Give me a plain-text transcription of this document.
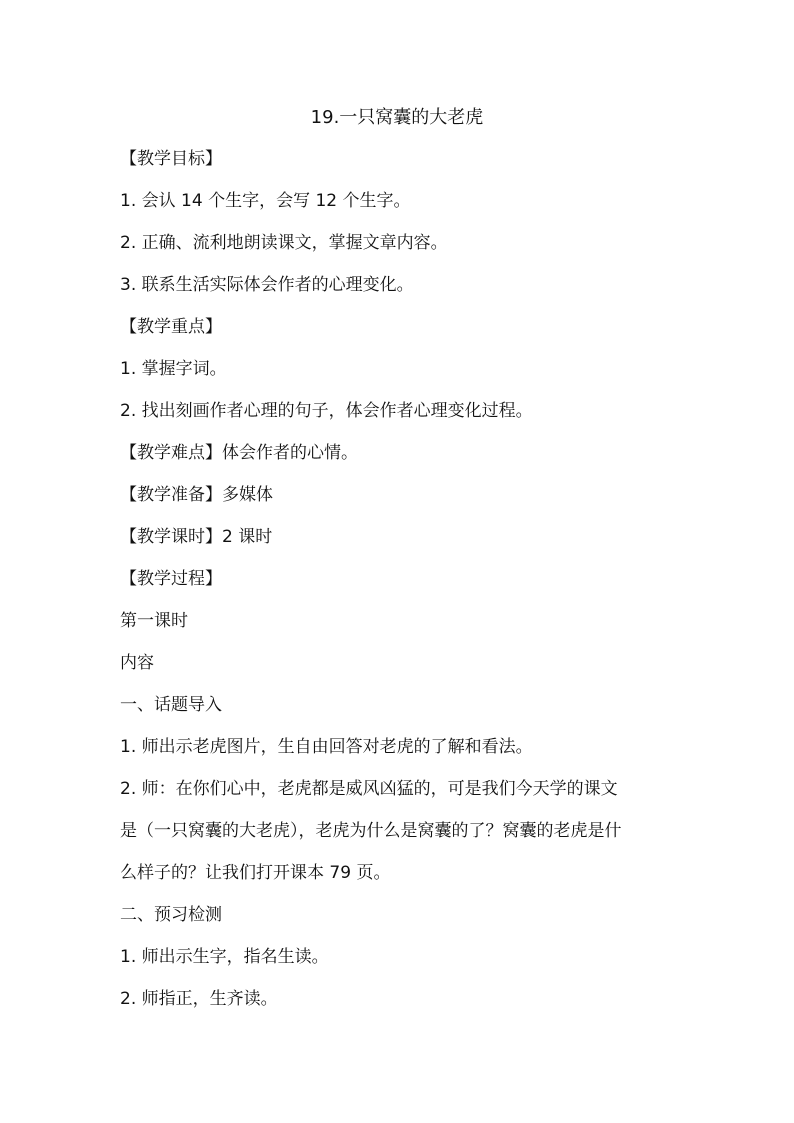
19.一只窝囊的大老虎
【教学目标】
1. 会认 14 个生字，会写 12 个生字。
2. 正确、流利地朗读课文，掌握文章内容。
3. 联系生活实际体会作者的心理变化。
【教学重点】
1. 掌握字词。
2. 找出刻画作者心理的句子，体会作者心理变化过程。
【教学难点】体会作者的心情。
【教学准备】多媒体
【教学课时】2 课时
【教学过程】
第一课时
内容
一、话题导入
1. 师出示老虎图片，生自由回答对老虎的了解和看法。
2. 师：在你们心中，老虎都是威风凶猛的，可是我们今天学的课文
是（一只窝囊的大老虎），老虎为什么是窝囊的了？窝囊的老虎是什
么样子的？让我们打开课本 79 页。
二、预习检测
1. 师出示生字，指名生读。
2. 师指正，生齐读。
